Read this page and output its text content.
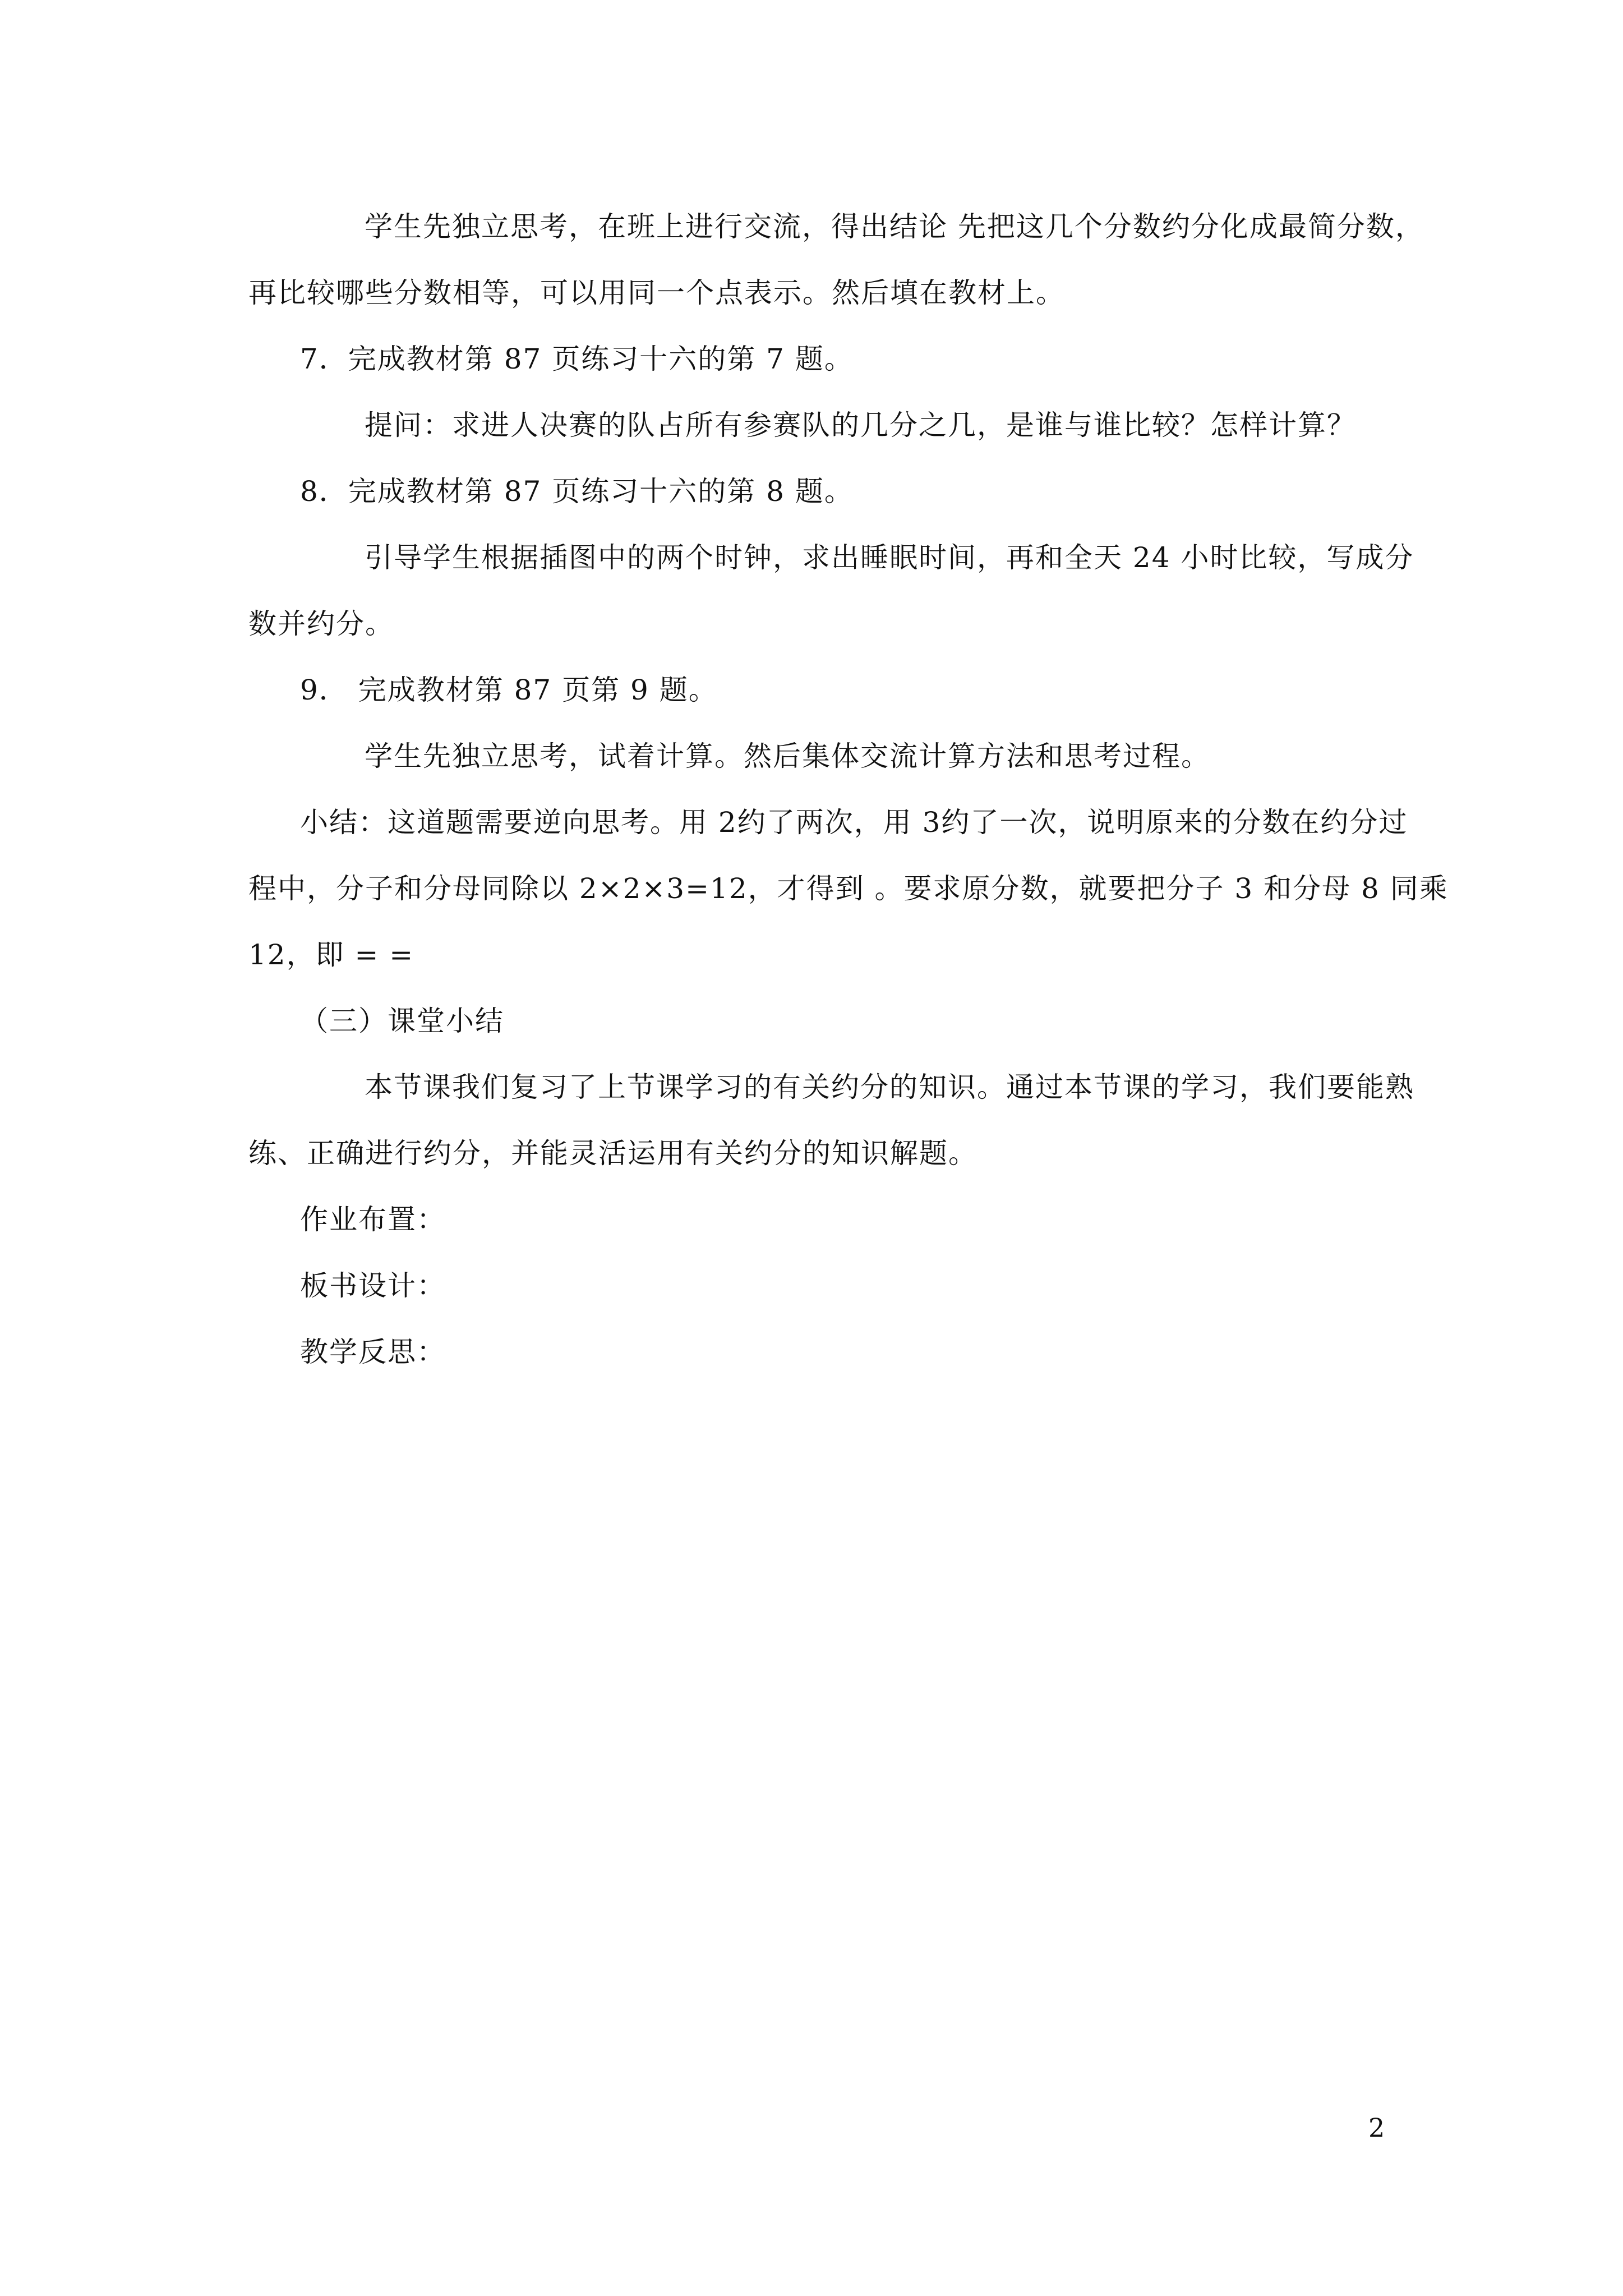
学生先独立思考，在班上进行交流，得出结论 先把这几个分数约分化成最简分数，
再比较哪些分数相等，可以用同一个点表示。然后填在教材上。
7．完成教材第 87 页练习十六的第 7 题。
提问：求进人决赛的队占所有参赛队的几分之几，是谁与谁比较？怎样计算？
8．完成教材第 87 页练习十六的第 8 题。
引导学生根据插图中的两个时钟，求出睡眠时间，再和全天 24 小时比较，写成分
数并约分。
9． 完成教材第 87 页第 9 题。
学生先独立思考，试着计算。然后集体交流计算方法和思考过程。
小结：这道题需要逆向思考。用 2约了两次，用 3约了一次，说明原来的分数在约分过
程中，分子和分母同除以 2×2×3=12，才得到 。要求原分数，就要把分子 3 和分母 8 同乘
12，即 = =
（三）课堂小结
本节课我们复习了上节课学习的有关约分的知识。通过本节课的学习，我们要能熟
练、正确进行约分，并能灵活运用有关约分的知识解题。
作业布置：
板书设计：
教学反思：
2
